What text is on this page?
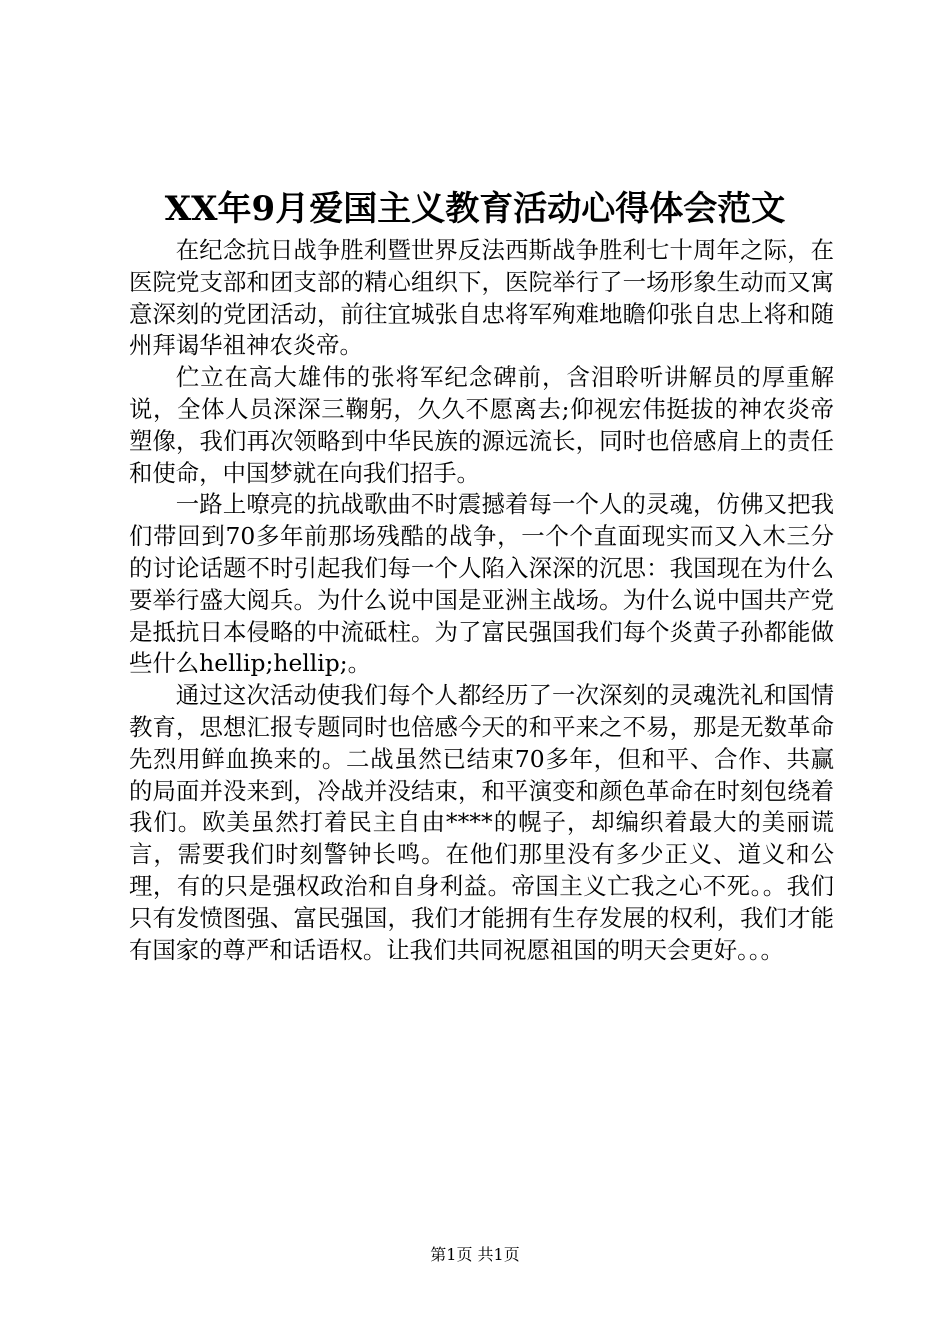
XX年9月爱国主义教育活动心得体会范文

在纪念抗日战争胜利暨世界反法西斯战争胜利七十周年之际，在医院党支部和团支部的精心组织下，医院举行了一场形象生动而又寓意深刻的党团活动，前往宜城张自忠将军殉难地瞻仰张自忠上将和随州拜谒华祖神农炎帝。

伫立在高大雄伟的张将军纪念碑前，含泪聆听讲解员的厚重解说，全体人员深深三鞠躬，久久不愿离去;仰视宏伟挺拔的神农炎帝塑像，我们再次领略到中华民族的源远流长，同时也倍感肩上的责任和使命，中国梦就在向我们招手。

一路上嘹亮的抗战歌曲不时震撼着每一个人的灵魂，仿佛又把我们带回到70多年前那场残酷的战争，一个个直面现实而又入木三分的讨论话题不时引起我们每一个人陷入深深的沉思：我国现在为什么要举行盛大阅兵。为什么说中国是亚洲主战场。为什么说中国共产党是抵抗日本侵略的中流砥柱。为了富民强国我们每个炎黄子孙都能做些什么hellip;hellip;。

通过这次活动使我们每个人都经历了一次深刻的灵魂洗礼和国情教育，思想汇报专题同时也倍感今天的和平来之不易，那是无数革命先烈用鲜血换来的。二战虽然已结束70多年，但和平、合作、共赢的局面并没来到，冷战并没结束，和平演变和颜色革命在时刻包绕着我们。欧美虽然打着民主自由****的幌子，却编织着最大的美丽谎言，需要我们时刻警钟长鸣。在他们那里没有多少正义、道义和公理，有的只是强权政治和自身利益。帝国主义亡我之心不死。。我们只有发愤图强、富民强国，我们才能拥有生存发展的权利，我们才能有国家的尊严和话语权。让我们共同祝愿祖国的明天会更好。。。

第1页 共1页
